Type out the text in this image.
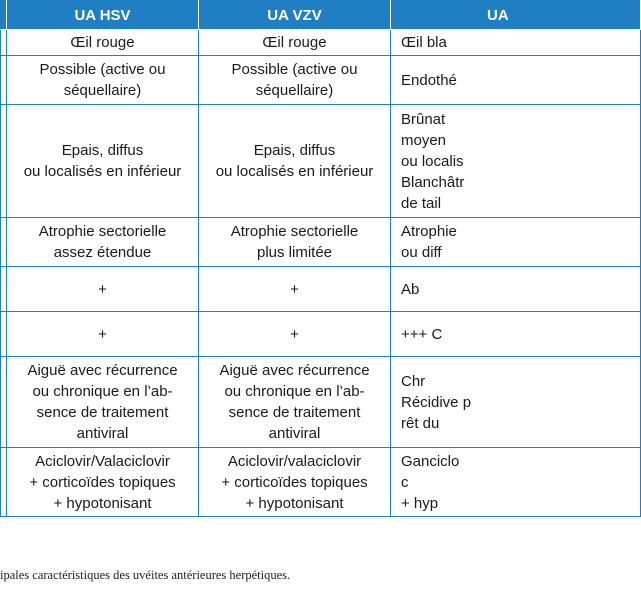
	UA HSV	UA VZV	UA
	Œil rouge	Œil rouge	Œil bla
	Possible (active ou
séquellaire)	Possible (active ou
séquellaire)	Endothé
	Epais, diffus
ou localisés en inférieur	Epais, diffus
ou localisés en inférieur	Brûnat
moyen
ou localis
Blanchâtr
de tail
	Atrophie sectorielle
assez étendue	Atrophie sectorielle
plus limitée	Atrophie
ou diff
	+	+	Ab
	+	+	+++ C
	Aiguë avec récurrence
ou chronique en l’ab-
sence de traitement
antiviral	Aiguë avec récurrence
ou chronique en l’ab-
sence de traitement
antiviral	Chr
Récidive p
rêt du
	Aciclovir/Valaciclovir
+ corticoïdes topiques
+ hypotonisant	Aciclovir/valaciclovir
+ corticoïdes topiques
+ hypotonisant	Ganciclo
c
+ hyp
ipales caractéristiques des uvéites antérieures herpétiques.
